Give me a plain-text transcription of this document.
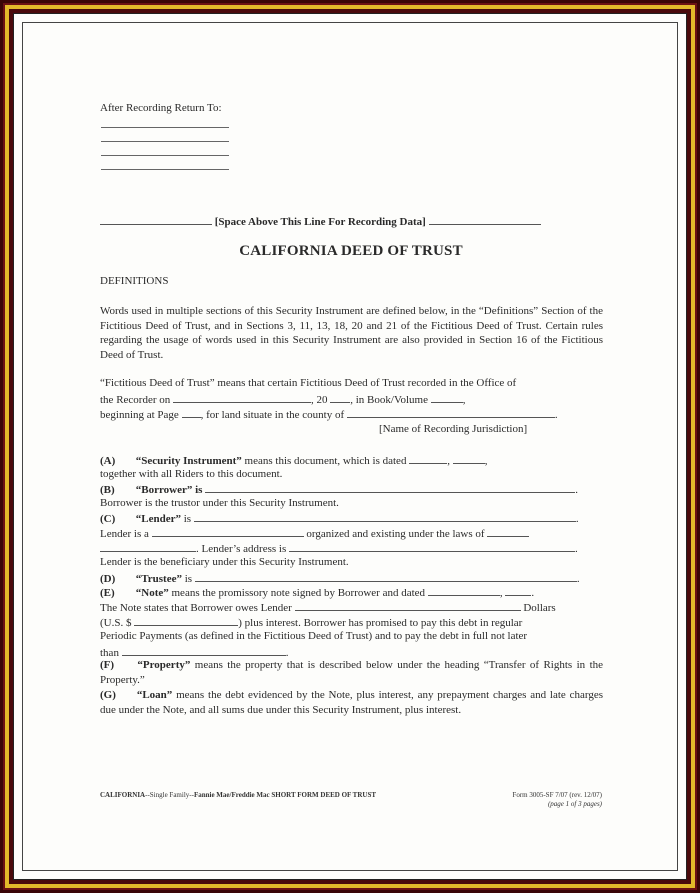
After Recording Return To:
[Space Above This Line For Recording Data]
CALIFORNIA DEED OF TRUST
DEFINITIONS
Words used in multiple sections of this Security Instrument are defined below, in the “Definitions” Section of the Fictitious Deed of Trust, and in Sections 3, 11, 13, 18, 20 and 21 of the Fictitious Deed of Trust. Certain rules regarding the usage of words used in this Security Instrument are also provided in Section 16 of the Fictitious Deed of Trust.
“Fictitious Deed of Trust” means that certain Fictitious Deed of Trust recorded in the Office of
the Recorder on	, 20 , in Book/Volume	,
beginning at Page , for land situate in the county of	.
[Name of Recording Jurisdiction]
(A) “Security Instrument” means this document, which is dated	,	,
together with all Riders to this document.
(B) “Borrower” is	.
Borrower is the trustor under this Security Instrument.
(C) “Lender” is	.
Lender is a	organized and existing under the laws of
. Lender’s address is	.
Lender is the beneficiary under this Security Instrument.
(D) “Trustee” is	.
(E) “Note” means the promissory note signed by Borrower and dated	,	.
The Note states that Borrower owes Lender	Dollars
(U.S. $	) plus interest. Borrower has promised to pay this debt in regular
Periodic Payments (as defined in the Fictitious Deed of Trust) and to pay the debt in full not later
than	.
(F) “Property” means the property that is described below under the heading “Transfer of Rights in the Property.”
(G) “Loan” means the debt evidenced by the Note, plus interest, any prepayment charges and late charges due under the Note, and all sums due under this Security Instrument, plus interest.
CALIFORNIA--Single Family--Fannie Mae/Freddie Mac SHORT FORM DEED OF TRUST	Form 3005-SF 7/07 (rev. 12/07)
(page 1 of 3 pages)
